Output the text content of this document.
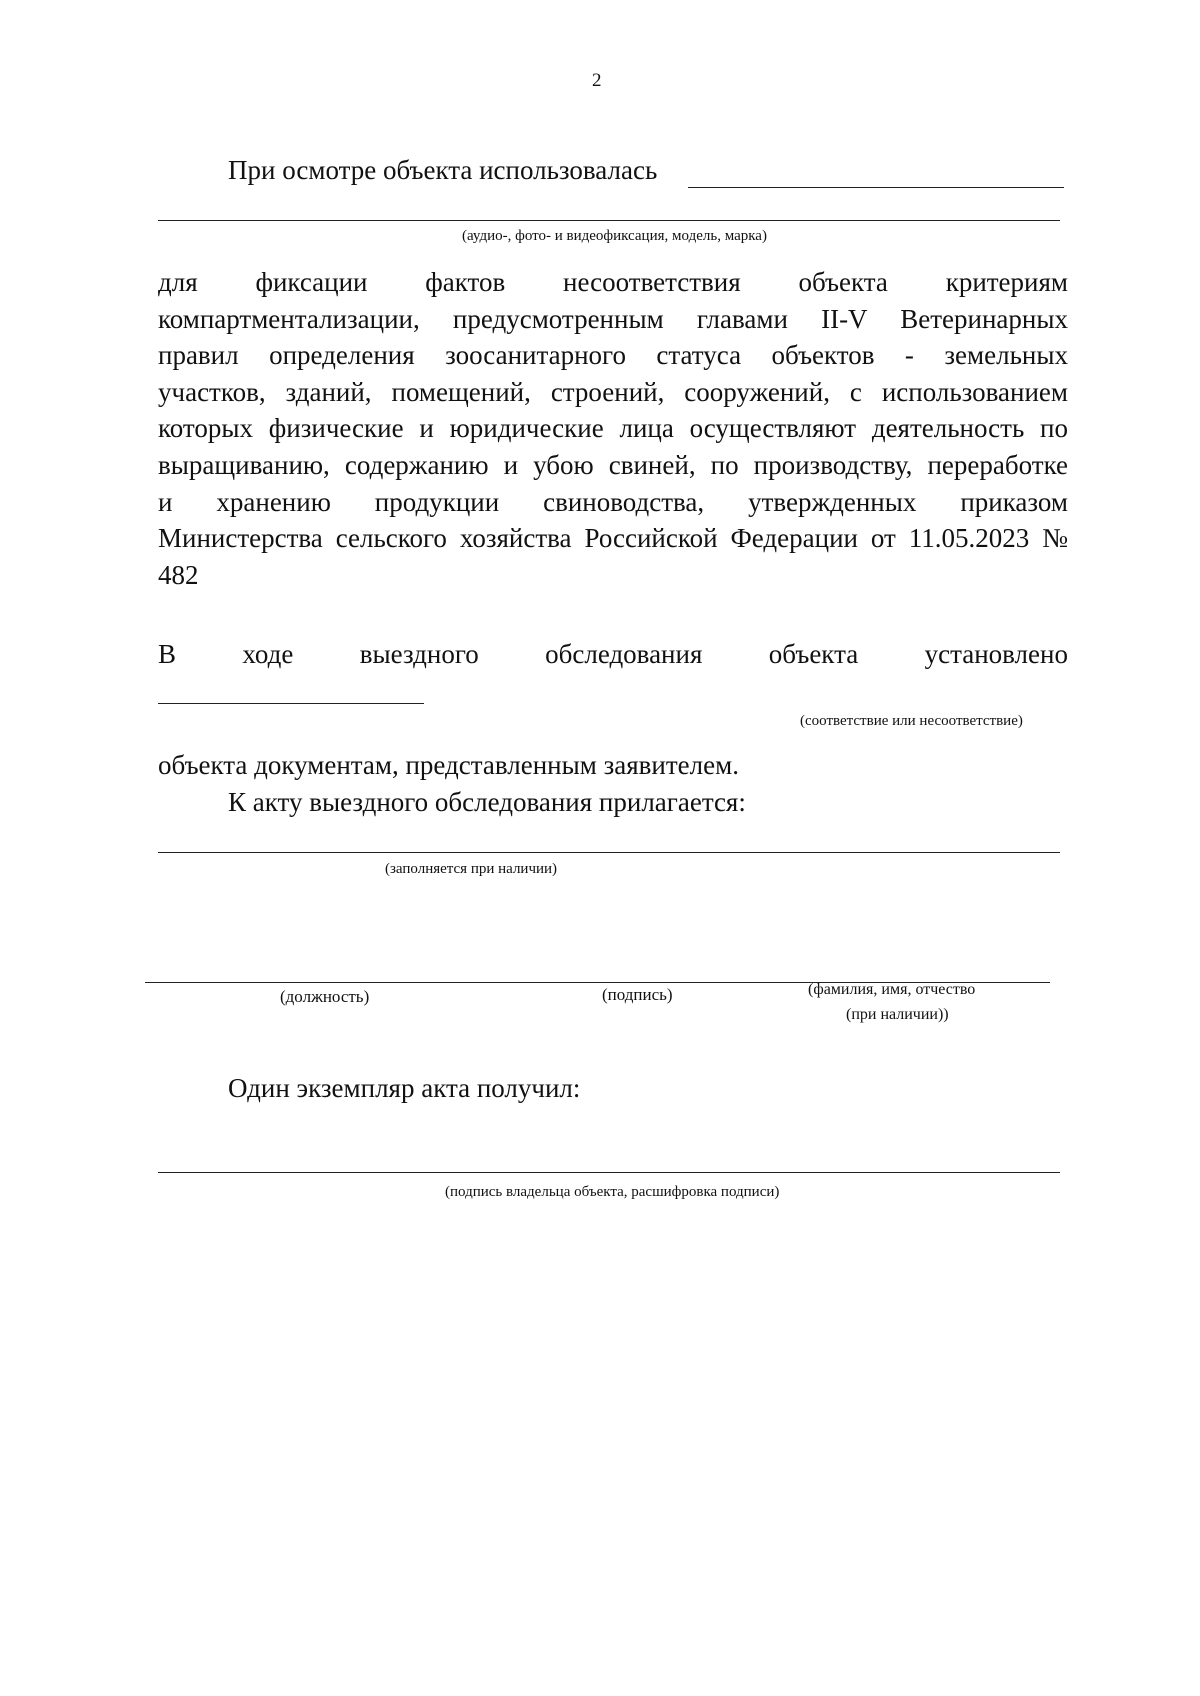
2
При осмотре объекта использовалась
(аудио-, фото- и видеофиксация, модель, марка)
для фиксации фактов несоответствия объекта критериям
компартментализации, предусмотренным главами II-V Ветеринарных
правил определения зоосанитарного статуса объектов - земельных
участков, зданий, помещений, строений, сооружений, с использованием
которых физические и юридические лица осуществляют деятельность по
выращиванию, содержанию и убою свиней, по производству, переработке
и хранению продукции свиноводства, утвержденных приказом
Министерства сельского хозяйства Российской Федерации от 11.05.2023 №
482
В ходе выездного обследования объекта установлено
(соответствие или несоответствие)
объекта документам, представленным заявителем.
К акту выездного обследования прилагается:
(заполняется при наличии)
(должность)	(подпись)	(фамилия, имя, отчество
(при наличии))
Один экземпляр акта получил:
(подпись владельца объекта, расшифровка подписи)
